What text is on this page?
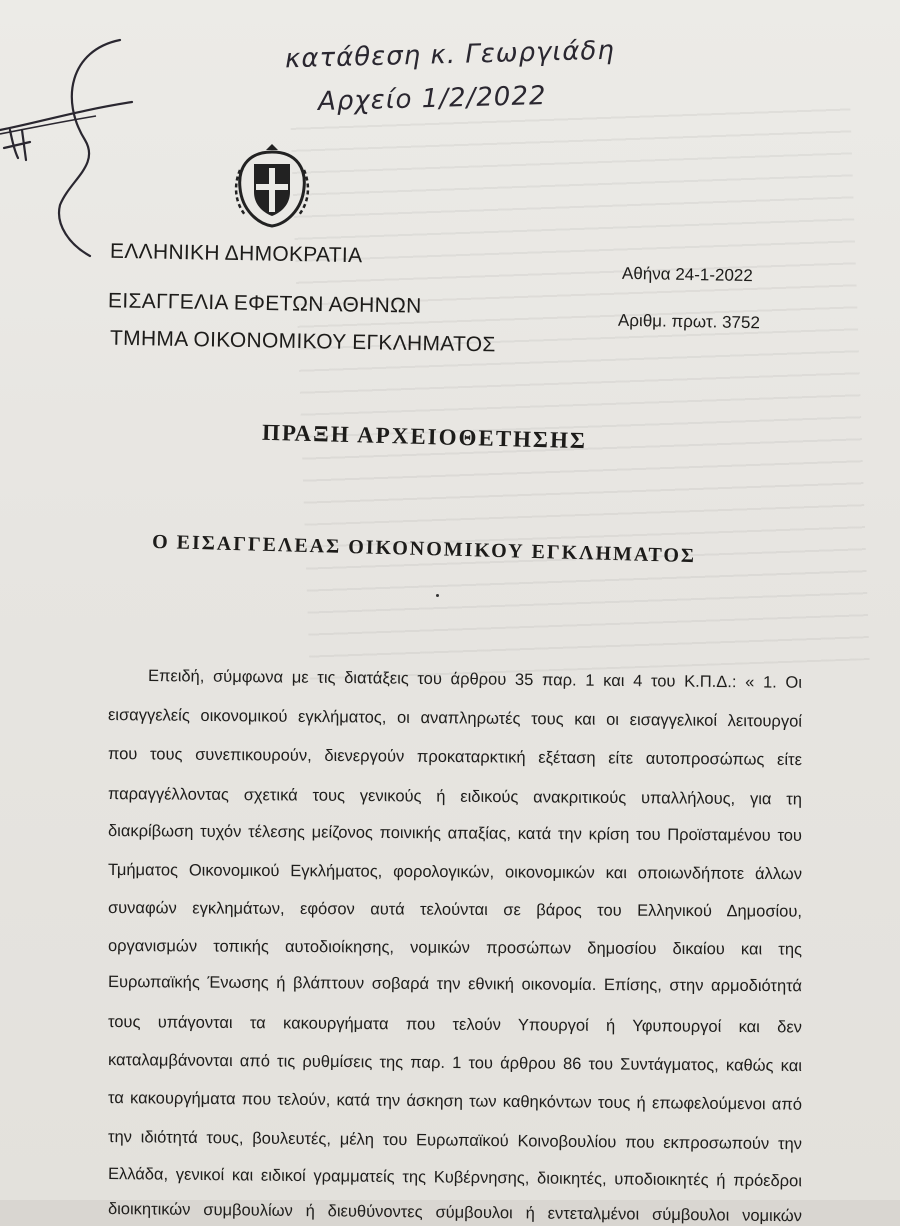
κατάθεση κ. Γεωργιάδη
Αρχείο 1/2/2022
ΕΛΛΗΝΙΚΗ ΔΗΜΟΚΡΑΤΙΑ
ΕΙΣΑΓΓΕΛΙΑ ΕΦΕΤΩΝ ΑΘΗΝΩΝ
ΤΜΗΜΑ ΟΙΚΟΝΟΜΙΚΟΥ ΕΓΚΛΗΜΑΤΟΣ
Αθήνα 24-1-2022
Αριθμ. πρωτ. 3752
ΠΡΑΞΗ ΑΡΧΕΙΟΘΕΤΗΣΗΣ
Ο ΕΙΣΑΓΓΕΛΕΑΣ ΟΙΚΟΝΟΜΙΚΟΥ ΕΓΚΛΗΜΑΤΟΣ
Επειδή, σύμφωνα με τις διατάξεις του άρθρου 35 παρ. 1 και 4 του Κ.Π.Δ.: « 1. Οι
εισαγγελείς οικονομικού εγκλήματος, οι αναπληρωτές τους και οι εισαγγελικοί λειτουργοί
που τους συνεπικουρούν, διενεργούν προκαταρκτική εξέταση είτε αυτοπροσώπως είτε
παραγγέλλοντας σχετικά τους γενικούς ή ειδικούς ανακριτικούς υπαλλήλους, για τη
διακρίβωση τυχόν τέλεσης μείζονος ποινικής απαξίας, κατά την κρίση του Προϊσταμένου του
Τμήματος Οικονομικού Εγκλήματος, φορολογικών, οικονομικών και οποιωνδήποτε άλλων
συναφών εγκλημάτων, εφόσον αυτά τελούνται σε βάρος του Ελληνικού Δημοσίου,
οργανισμών τοπικής αυτοδιοίκησης, νομικών προσώπων δημοσίου δικαίου και της
Ευρωπαϊκής Ένωσης ή βλάπτουν σοβαρά την εθνική οικονομία. Επίσης, στην αρμοδιότητά
τους υπάγονται τα κακουργήματα που τελούν Υπουργοί ή Υφυπουργοί και δεν
καταλαμβάνονται από τις ρυθμίσεις της παρ. 1 του άρθρου 86 του Συντάγματος, καθώς και
τα κακουργήματα που τελούν, κατά την άσκηση των καθηκόντων τους ή επωφελούμενοι από
την ιδιότητά τους, βουλευτές, μέλη του Ευρωπαϊκού Κοινοβουλίου που εκπροσωπούν την
Ελλάδα, γενικοί και ειδικοί γραμματείς της Κυβέρνησης, διοικητές, υποδιοικητές ή πρόεδροι
διοικητικών συμβουλίων ή διευθύνοντες σύμβουλοι ή εντεταλμένοι σύμβουλοι νομικών
